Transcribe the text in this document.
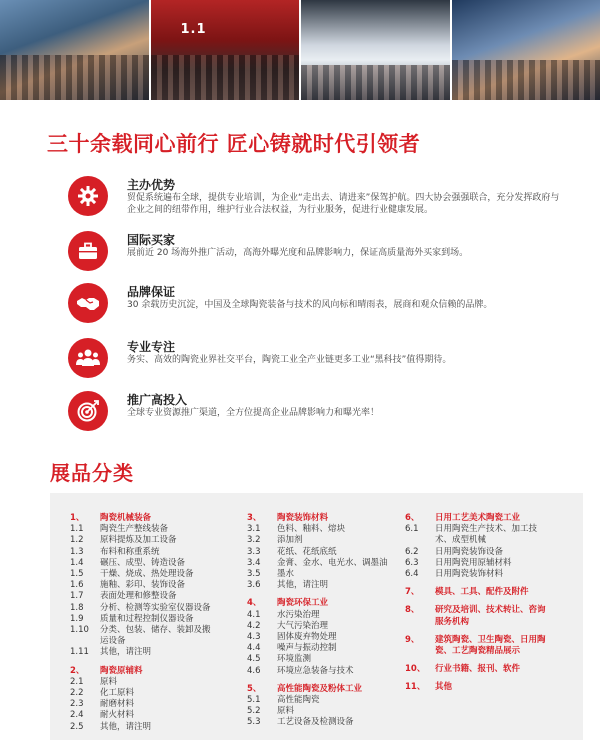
1.1
三十余载同心前行 匠心铸就时代引领者
主办优势
贸促系统遍布全球，提供专业培训，为企业“走出去、请进来”保驾护航。四大协会强强联合，充分发挥政府与企业之间的纽带作用，维护行业合法权益，为行业服务，促进行业健康发展。
国际买家
展前近 20 场海外推广活动，高海外曝光度和品牌影响力，保证高质量海外买家到场。
品牌保证
30 余载历史沉淀，中国及全球陶瓷装备与技术的风向标和晴雨表，展商和观众信赖的品牌。
专业专注
务实、高效的陶瓷业界社交平台，陶瓷工业全产业链更多工业“黑科技”值得期待。
推广高投入
全球专业资源推广渠道，全方位提高企业品牌影响力和曝光率！
展品分类
1、	陶瓷机械装备
1.1	陶瓷生产整线装备
1.2	原料提炼及加工设备
1.3	布料和称重系统
1.4	碾压、成型、铸造设备
1.5	干燥、烧成、热处理设备
1.6	施釉、彩印、装饰设备
1.7	表面处理和修整设备
1.8	分析、检测等实验室仪器设备
1.9	质量和过程控制仪器设备
1.10	分类、包装、储存、装卸及搬运设备
1.11	其他，请注明
2、	陶瓷原辅料
2.1	原料
2.2	化工原料
2.3	耐磨材料
2.4	耐火材料
2.5	其他，请注明
3、	陶瓷装饰材料
3.1	色料、釉料、熔块
3.2	添加剂
3.3	花纸、花纸底纸
3.4	金膏、金水、电光水、调墨油
3.5	墨水
3.6	其他，请注明
4、	陶瓷环保工业
4.1	水污染治理
4.2	大气污染治理
4.3	固体废弃物处理
4.4	噪声与振动控制
4.5	环境监测
4.6	环境应急装备与技术
5、	高性能陶瓷及粉体工业
5.1	高性能陶瓷
5.2	原料
5.3	工艺设备及检测设备
6、	日用工艺美术陶瓷工业
6.1	日用陶瓷生产技术、加工技术、成型机械
6.2	日用陶瓷装饰设备
6.3	日用陶瓷用原辅材料
6.4	日用陶瓷装饰材料
7、	模具、工具、配件及附件
8、	研究及培训、技术转让、咨询服务机构
9、	建筑陶瓷、卫生陶瓷、日用陶瓷、工艺陶瓷精品展示
10、	行业书籍、报刊、软件
11、	其他
